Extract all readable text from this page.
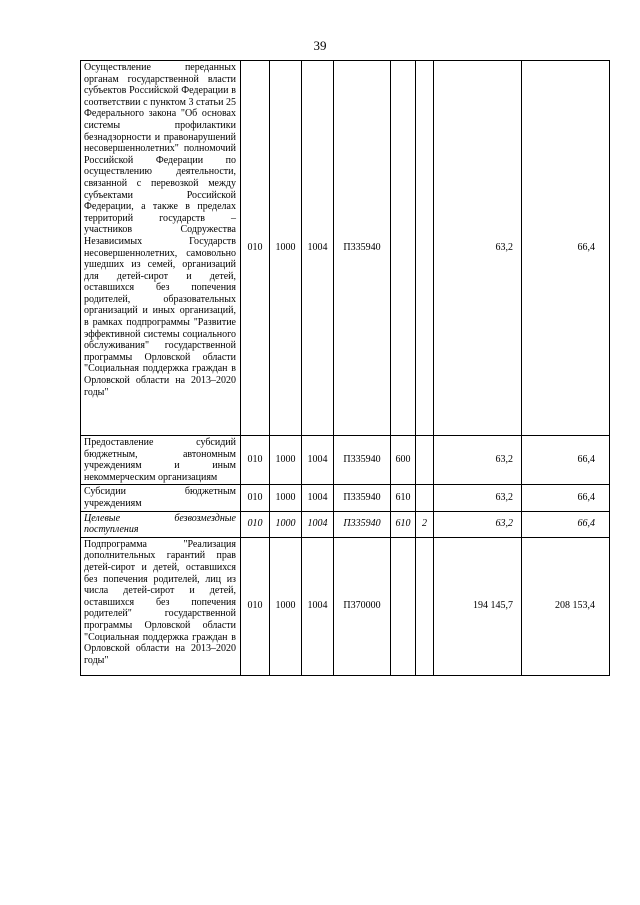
39
Осуществление переданных органам государственной власти субъектов Российской Федерации в соответствии с пунктом 3 статьи 25 Федерального закона "Об основах системы профилактики безнадзорности и правонарушений несовершеннолетних" полномочий Российской Федерации по осуществлению деятельности, связанной с перевозкой между субъектами Российской Федерации, а также в пределах территорий государств – участников Содружества Независимых Государств несовершеннолетних, самовольно ушедших из семей, организаций для детей-сирот и детей, оставшихся без попечения родителей, образовательных организаций и иных организаций, в рамках подпрограммы "Развитие эффективной системы социального обслуживания" государственной программы Орловской области "Социальная поддержка граждан в Орловской области на 2013–2020 годы"	010	1000	1004	П335940			63,2	66,4
Предоставление субсидий бюджетным, автономным учреждениям и иным некоммерческим организациям	010	1000	1004	П335940	600		63,2	66,4
Субсидии бюджетным учреждениям	010	1000	1004	П335940	610		63,2	66,4
Целевые безвозмездные поступления	010	1000	1004	П335940	610	2	63,2	66,4
Подпрограмма "Реализация дополнительных гарантий прав детей-сирот и детей, оставшихся без попечения родителей, лиц из числа детей-сирот и детей, оставшихся без попечения родителей" государственной программы Орловской области "Социальная поддержка граждан в Орловской области на 2013–2020 годы"	010	1000	1004	П370000			194 145,7	208 153,4
